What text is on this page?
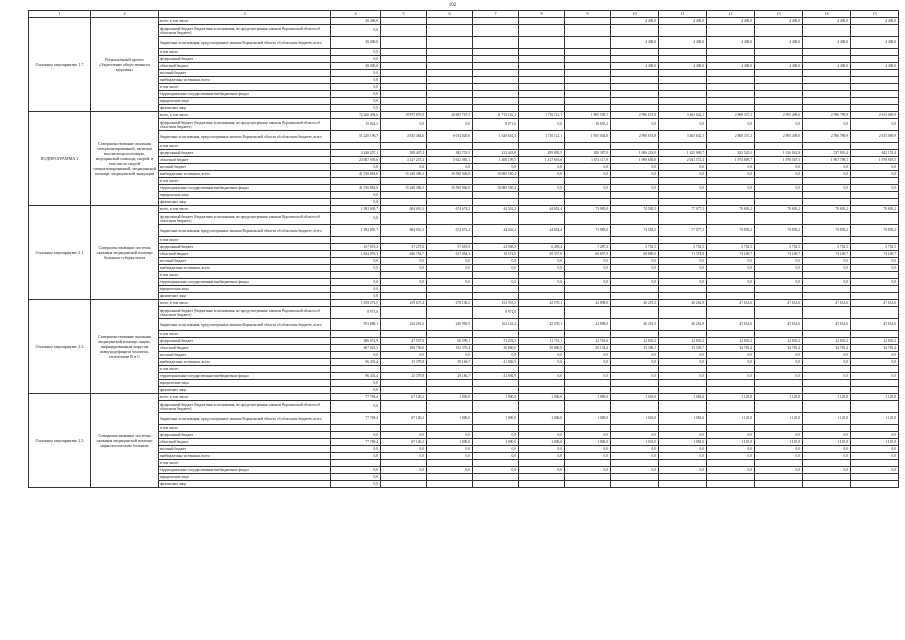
102
1	2	3	4	5	6	7	8	9	10	11	12	13	14	15
Основное мероприятие 1.7	Региональный проект «Укрепление общественного здоровья»	всего, в том числе:	26 400,0						4 400,0	4 400,0	4 400,0	4 400,0	4 400,0	4 400,0
		федеральный бюджет (бюджетные ассигнования, не предусмотренные законом Воронежской области об областном бюджете)	0,0											
		бюджетные ассигнования, предусмотренные законом Воронежской области об областном бюджете, всего	26 400,0						4 400,0	4 400,0	4 400,0	4 400,0	4 400,0	4 400,0
		в том числе:	0,0											
		федеральный бюджет	0,0											
		областной бюджет	26 400,0						4 400,0	4 400,0	4 400,0	4 400,0	4 400,0	4 400,0
		местный бюджет	0,0											
		внебюджетные источники, всего	0,0											
		в том числе:	0,0											
		территориальные государственные внебюджетные фонды	0,0											
		юридические лица	0,0											
		физические лица	0,0											
ПОДПРОГРАММА 2	Совершенствование оказания специализированной, включая высокотехнологичную, медицинской помощи, скорой, в том числе скорой специализированной, медицинской помощи, медицинской эвакуации	всего, в том числе:	72 266 494,6	19 875 870,9	20 605 767,5	11 715 162,1	1 716 112,1	1 965 558,1	2 996 674,8	3 465 642,1	2 808 337,2	2 995 409,0	2 596 789,9	2 613 069,9
		федеральный бюджет (бюджетные ассигнования, не предусмотренные законом Воронежской области об областном бюджете)	19 824,2	0,0	0,0	8 971,0	0,0	10 853,2	0,0	0,0	0,0	0,0	0,0	0,0
		бюджетные ассигнования, предусмотренные законом Воронежской области об областном бюджете, всего	51 228 196,7	4 635 484,6	6 014 820,6	1 620 641,3	1 716 112,1	1 955 004,8	2 996 674,8	3 465 642,1	2 808 337,2	2 995 409,0	2 596 789,9	2 613 069,9
		в том числе:												
		федеральный бюджет	3 240 257,1	508 407,4	382 735,5	212 441,8	299 805,5	280 387,0	1 006 218,0	1 425 069,7	832 525,5	1 016 841,9	537 991,4	642 151,4
		областной бюджет	24 087 939,6	4 127 257,2	5 632 085,1	1 408 199,5	1 417 616,6	1 674 117,8	1 990 656,8	2 041 572,4	1 974 809,7	1 978 567,1	1 967 798,5	1 970 918,5
		местный бюджет	0,0	0,0	0,0	0,0	0,0	0,0	0,0	0,0	0,0	0,0	0,0	0,0
		внебюджетные источники, всего	41 916 863,6	15 240 386,3	16 590 946,9	10 085 550,4	0,0	0,0	0,0	0,0	0,0	0,0	0,0	0,0
		в том числе:												
		территориальные государственные внебюджетные фонды	41 916 863,6	15 240 386,3	16 590 946,9	10 085 550,4	0,0	0,0	0,0	0,0	0,0	0,0	0,0	0,0
		юридические лица	0,0											
		физические лица	0,0											
Основное мероприятие 2.1	Совершенствование системы оказания медицинской помощи больным туберкулезом	всего, в том числе:	1 992 695,7	684 010,3	674 674,2	44 301,2	44 852,4	73 985,0	74 582,5	77 077,3	79 803,2	79 803,2	79 803,2	79 803,2
		федеральный бюджет (бюджетные ассигнования, не предусмотренные законом Воронежской области об областном бюджете)	0,0											
		бюджетные ассигнования, предусмотренные законом Воронежской области об областном бюджете, всего	1 992 695,7	684 010,3	674 674,2	44 301,2	44 852,4	73 985,0	74 582,5	77 077,3	79 803,2	79 803,2	79 803,2	79 803,2
		в том числе:												
		федеральный бюджет	167 819,2	37 257,6	57 619,9	24 946,2	6 495,4	7 287,3	5 702,5	5 702,5	5 702,5	5 702,5	5 702,5	5 702,5
		областной бюджет	1 824 876,5	646 752,7	617 054,3	19 572,0	38 357,0	66 697,9	68 880,0	71 374,8	74 100,7	74 100,7	74 100,7	74 100,7
		местный бюджет	0,0	0,0	0,0	0,0	0,0	0,0	0,0	0,0	0,0	0,0	0,0	0,0
		внебюджетные источники, всего	0,0	0,0	0,0	0,0	0,0	0,0	0,0	0,0	0,0	0,0	0,0	0,0
		в том числе:												
		территориальные государственные внебюджетные фонды	0,0	0,0	0,0	0,0	0,0	0,0	0,0	0,0	0,0	0,0	0,0	0,0
		юридические лица	0,0											
		физические лица	0,0											
Основное мероприятие 2.2	Совершенствование оказания медицинской помощи лицам, инфицированным вирусом иммунодефицита человека, гепатитами B и C	всего, в том числе:	1 059 272,5	259 675,4	278 136,2	152 931,2	42 570,1	42 898,0	46 219,3	46 262,9	47 614,6	47 614,6	47 614,6	47 614,6
		федеральный бюджет (бюджетные ассигнования, не предусмотренные законом Воронежской области об областном бюджете)	8 971,0			8 971,0								
		бюджетные ассигнования, предусмотренные законом Воронежской области об областном бюджете, всего	953 868,1	234 291,6	248 969,5	102 123,2	42 570,1	42 898,0	46 219,3	46 262,9	47 614,6	47 614,6	47 614,6	47 614,6
		в том числе:												
		федеральный бюджет	286 874,9	47 537,6	66 599,1	71 252,3	11 710,1	12 763,6	12 833,2	12 833,2	12 833,2	12 833,2	12 833,2	12 833,2
		областной бюджет	667 023,2	186 756,0	182 370,4	30 860,0	30 860,0	30 134,4	33 386,1	33 529,7	34 781,4	34 781,4	34 781,4	34 781,4
		местный бюджет	0,0	0,0	0,0	0,0	0,0	0,0	0,0	0,0	0,0	0,0	0,0	0,0
		внебюджетные источники, всего	96 433,4	25 379,8	29 166,7	41 836,9	0,0	0,0	0,0	0,0	0,0	0,0	0,0	0,0
		в том числе:												
		территориальные государственные внебюджетные фонды	96 433,4	25 379,8	29 166,7	41 836,9	0,0	0,0	0,0	0,0	0,0	0,0	0,0	0,0
		юридические лица	0,0											
		физические лица	0,0											
Основное мероприятие 2.3	Совершенствование системы оказания медицинской помощи наркологическим больным	всего, в том числе:	77 769,4	67 140,2	1 000,0	1 000,0	1 000,0	1 000,0	1 043,0	1 082,6	1 125,9	1 125,9	1 125,9	1 125,9
		федеральный бюджет (бюджетные ассигнования, не предусмотренные законом Воронежской области об областном бюджете)	0,0											
		бюджетные ассигнования, предусмотренные законом Воронежской области об областном бюджете, всего	77 769,4	67 140,2	1 000,0	1 000,0	1 000,0	1 000,0	1 043,0	1 082,6	1 125,9	1 125,9	1 125,9	1 125,9
		в том числе:												
		федеральный бюджет	0,0	0,0	0,0	0,0	0,0	0,0	0,0	0,0	0,0	0,0	0,0	0,0
		областной бюджет	77 769,4	67 140,2	1 000,0	1 000,0	1 000,0	1 000,0	1 043,0	1 082,6	1 125,9	1 125,9	1 125,9	1 125,9
		местный бюджет	0,0	0,0	0,0	0,0	0,0	0,0	0,0	0,0	0,0	0,0	0,0	0,0
		внебюджетные источники, всего	0,0	0,0	0,0	0,0	0,0	0,0	0,0	0,0	0,0	0,0	0,0	0,0
		в том числе:												
		территориальные государственные внебюджетные фонды	0,0	0,0	0,0	0,0	0,0	0,0	0,0	0,0	0,0	0,0	0,0	0,0
		юридические лица	0,0											
		физические лица	0,0											
